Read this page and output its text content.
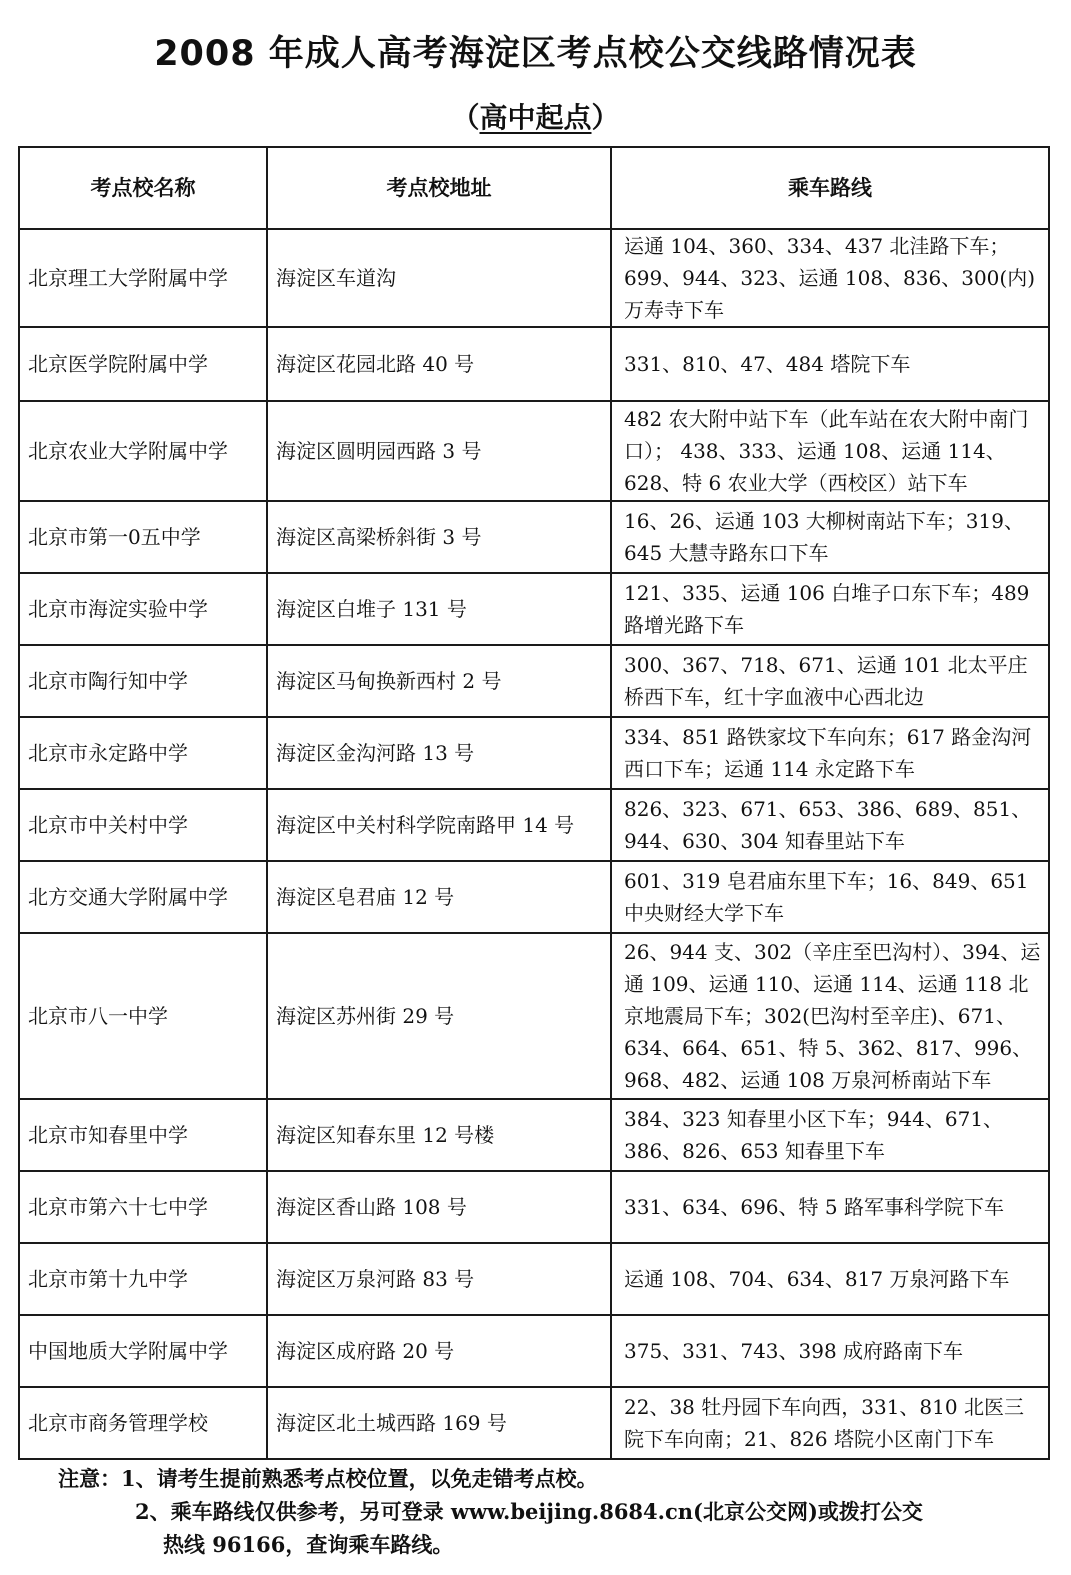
2008 年成人高考海淀区考点校公交线路情况表
（高中起点）
考点校名称	考点校地址	乘车路线
北京理工大学附属中学	海淀区车道沟	运通 104、360、334、437 北洼路下车； 699、944、323、运通 108、836、300(内)万寿寺下车
北京医学院附属中学	海淀区花园北路 40 号	331、810、47、484 塔院下车
北京农业大学附属中学	海淀区圆明园西路 3 号	482 农大附中站下车（此车站在农大附中南门口）； 438、333、运通 108、运通 114、628、特 6 农业大学（西校区）站下车
北京市第一0五中学	海淀区高梁桥斜街 3 号	16、26、运通 103 大柳树南站下车；319、645 大慧寺路东口下车
北京市海淀实验中学	海淀区白堆子 131 号	121、335、运通 106 白堆子口东下车；489 路增光路下车
北京市陶行知中学	海淀区马甸换新西村 2 号	300、367、718、671、运通 101 北太平庄桥西下车，红十字血液中心西北边
北京市永定路中学	海淀区金沟河路 13 号	334、851 路铁家坟下车向东；617 路金沟河西口下车；运通 114 永定路下车
北京市中关村中学	海淀区中关村科学院南路甲 14 号	826、323、671、653、386、689、851、944、630、304 知春里站下车
北方交通大学附属中学	海淀区皂君庙 12 号	601、319 皂君庙东里下车；16、849、651 中央财经大学下车
北京市八一中学	海淀区苏州街 29 号	26、944 支、302（辛庄至巴沟村）、394、运通 109、运通 110、运通 114、运通 118 北京地震局下车；302(巴沟村至辛庄)、671、634、664、651、特 5、362、817、996、968、482、运通 108 万泉河桥南站下车
北京市知春里中学	海淀区知春东里 12 号楼	384、323 知春里小区下车；944、671、386、826、653 知春里下车
北京市第六十七中学	海淀区香山路 108 号	331、634、696、特 5 路军事科学院下车
北京市第十九中学	海淀区万泉河路 83 号	运通 108、704、634、817 万泉河路下车
中国地质大学附属中学	海淀区成府路 20 号	375、331、743、398 成府路南下车
北京市商务管理学校	海淀区北土城西路 169 号	22、38 牡丹园下车向西，331、810 北医三院下车向南；21、826 塔院小区南门下车
注意：1、请考生提前熟悉考点校位置，以免走错考点校。
2、乘车路线仅供参考，另可登录 www.beijing.8684.cn(北京公交网)或拨打公交
热线 96166，查询乘车路线。
